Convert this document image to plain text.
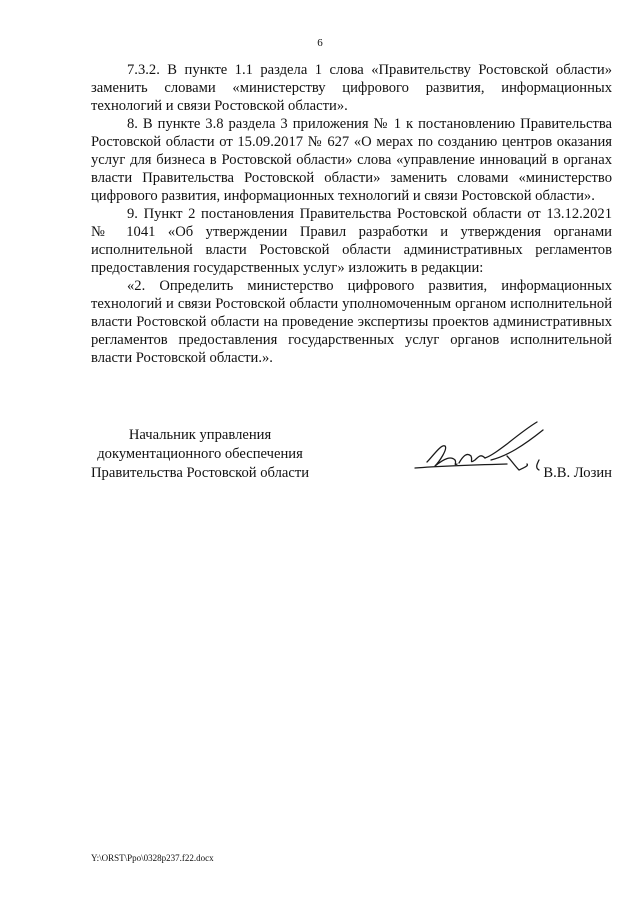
6

7.3.2. В пункте 1.1 раздела 1 слова «Правительству Ростовской области» заменить словами «министерству цифрового развития, информационных технологий и связи Ростовской области».

8. В пункте 3.8 раздела 3 приложения № 1 к постановлению Правительства Ростовской области от 15.09.2017 № 627 «О мерах по созданию центров оказания услуг для бизнеса в Ростовской области» слова «управление инноваций в органах власти Правительства Ростовской области» заменить словами «министерство цифрового развития, информационных технологий и связи Ростовской области».

9. Пункт 2 постановления Правительства Ростовской области от 13.12.2021 № 1041 «Об утверждении Правил разработки и утверждения органами исполнительной власти Ростовской области административных регламентов предоставления государственных услуг» изложить в редакции:

«2. Определить министерство цифрового развития, информационных технологий и связи Ростовской области уполномоченным органом исполнительной власти Ростовской области на проведение экспертизы проектов административных регламентов предоставления государственных услуг органов исполнительной власти Ростовской области.».

Начальник управления
документационного обеспечения
Правительства Ростовской области	В.В. Лозин
Y:\ORST\Ppo\0328p237.f22.docx
